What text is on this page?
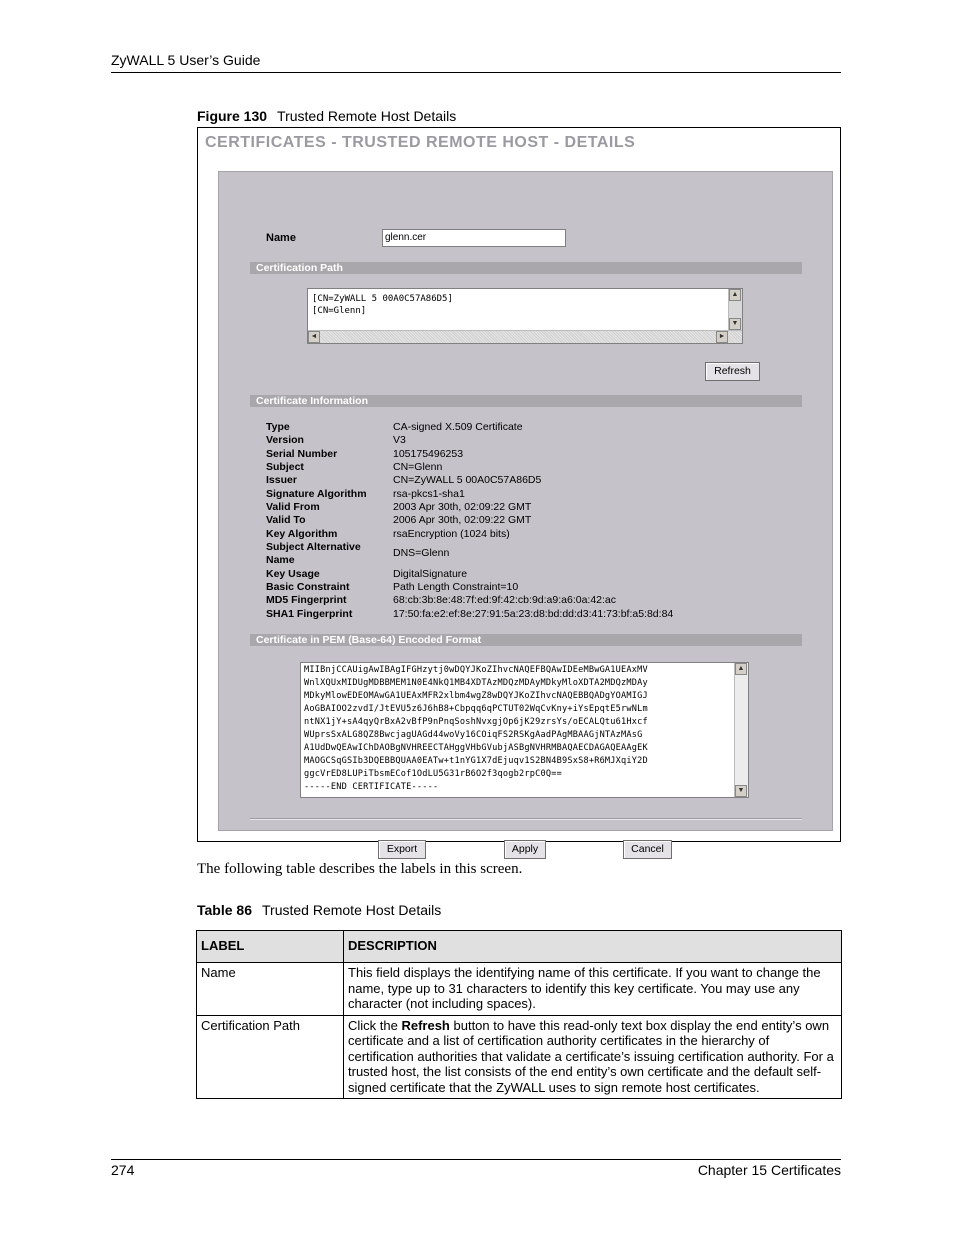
ZyWALL 5 User’s Guide
Figure 130 Trusted Remote Host Details
CERTIFICATES - TRUSTED REMOTE HOST - DETAILS
Name	glenn.cer
Certification Path
[CN=ZyWALL 5 00A0C57A86D5]
[CN=Glenn]
▲
▼
◄	►
Refresh
Certificate Information
Type	CA-signed X.509 Certificate
Version	V3
Serial Number	10517549625​3
Subject	CN=Glenn
Issuer	CN=ZyWALL 5 00A0C57A86D5
Signature Algorithm	rsa-pkcs1-sha1
Valid From	2003 Apr 30th, 02:09:22 GMT
Valid To	2006 Apr 30th, 02:09:22 GMT
Key Algorithm	rsaEncryption (1024 bits)
Subject Alternative	DNS=Glenn
Name
Key Usage	DigitalSignature
Basic Constraint	Path Length Constraint=10
MD5 Fingerprint	68:cb:3b:8e:48:7f:ed:9f:42:cb:9d:a9:a6:0a:42:ac
SHA1 Fingerprint	17:50:fa:e2:ef:8e:27:91:5a:23:d8:bd:dd:d3:41:73:bf:a5:8d:84
Certificate in PEM (Base-64) Encoded Format
MIIBnjCCAUigAwIBAgIFGHzytj0wDQYJKoZIhvcNAQEFBQAwIDEeMBwGA1UEAxMV
WnlXQUxMIDUgMDBBMEM1N0E4NkQ1MB4XDTAzMDQzMDAyMDkyMloXDTA2MDQzMDAy
MDkyMlowEDEOMAwGA1UEAxMFR2xlbm4wgZ8wDQYJKoZIhvcNAQEBBQADgYOAMIGJ
AoGBAIOO2zvdI/JtEVU5z6J6hB8+Cbpqq6qPCTUT02WqCvKny+iYsEpqtE5rwNLm
ntNX1jY+sA4qyQrBxA2vBfP9nPnqSoshNvxgjOp6jK29zrsYs/oECALQtu61Hxcf
WUprsSxALG8QZ8BwcjagUAGd44woVy16COiqFS2RSKgAadPAgMBAAGjNTAzMAsG
A1UdDwQEAwIChDAOBgNVHREECTAHggVHbGVubjASBgNVHRMBAQAECDAGAQEAAgEK
MAOGCSqGSIb3DQEBBQUAA0EATw+t1nYG1X7dEjuqv1S2BN4B9SxS8+R6MJXqiY2D
ggcVrED8LUPiTbsmECof1OdLU5G31rB6O2f3qogb2rpC0Q==
-----END CERTIFICATE-----
▲
▼
Export	Apply	Cancel
The following table describes the labels in this screen.
Table 86 Trusted Remote Host Details
LABEL	DESCRIPTION
Name	This field displays the identifying name of this certificate. If you want to change the name, type up to 31 characters to identify this key certificate. You may use any character (not including spaces).
Certification Path	Click the Refresh button to have this read-only text box display the end entity’s own certificate and a list of certification authority certificates in the hierarchy of certification authorities that validate a certificate’s issuing certification authority. For a trusted host, the list consists of the end entity’s own certificate and the default self-signed certificate that the ZyWALL uses to sign remote host certificates.
274	Chapter 15 Certificates
